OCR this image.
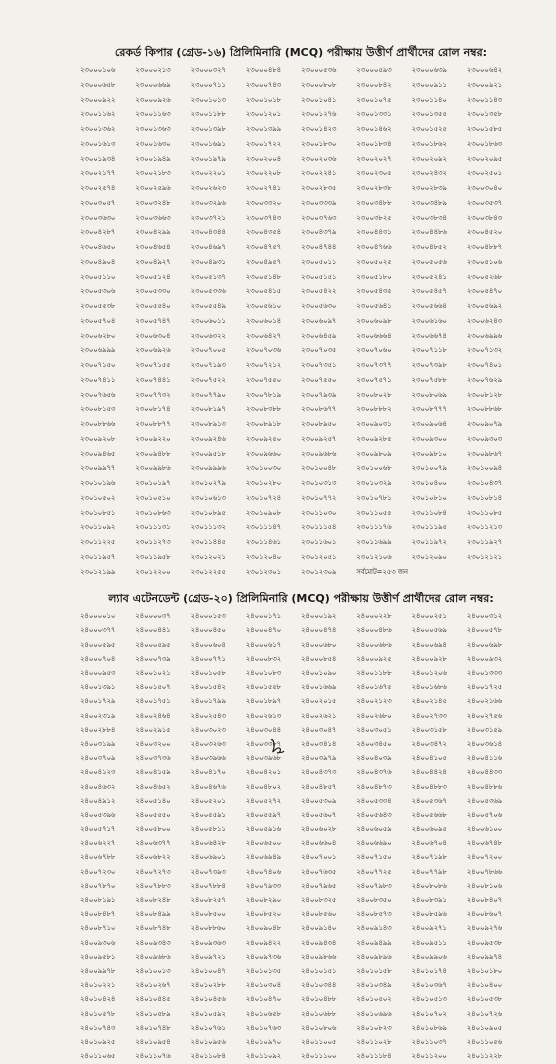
রেকর্ড কিপার (গ্রেড-১৬) প্রিলিমিনারি (MCQ) পরীক্ষায় উত্তীর্ণ প্রার্থীদের রোল নম্বর:
২৩০০০১০৬	২৩০০০২১৩	২৩০০০৩২৭	২৩০০০৪৮৪	২৩০০০৫৩৬	২৩০০০৫৯৩	২৩০০০৬৩৯	২৩০০০৬৪২
২৩০০০৬৫৮	২৩০০০৬৬৯	২৩০০০৭১১	২৩০০০৭৪৩	২৩০০০৮০৮	২৩০০০৮৪২	২৩০০০৯১১	২৩০০০৯২১
২৩০০০৯২২	২৩০০০৯২৬	২৩০০১০১৩	২৩০০১০১৮	২৩০০১০৪১	২৩০০১০৭৫	২৩০০১১৪০	২৩০০১১৪৩
২৩০০১১৬২	২৩০০১১৬৩	২৩০০১১৮৮	২৩০০১২০১	২৩০০১২৭৬	২৩০০১৩৩১	২৩০০১৩৫৫	২৩০০১৩৫৮
২৩০০১৩৬২	২৩০০১৩৬৩	২৩০০১৩৯৮	২৩০০১৩৯৯	২৩০০১৪২৩	২৩০০১৪৬২	২৩০০১৫২৫	২৩০০১৫৮৫
২৩০০১৬১৩	২৩০০১৬৩০	২৩০০১৬৯১	২৩০০১৭২২	২৩০০১৮৩০	২৩০০১৮৩৪	২৩০০১৮৬২	২৩০০১৮৬৩
২৩০০১৯৩৪	২৩০০১৯৪৯	২৩০০১৯৭৯	২৩০০২০০৪	২৩০০২০৩৬	২৩০০২০২৭	২৩০০২০৯২	২৩০০২০৯৫
২৩০০২১৭৭	২৩০০২১৮৩	২৩০০২২০১	২৩০০২২০৮	২৩০০২২৪১	২৩০০২৩০৫	২৩০০২৪৩২	২৩০০২৫০১
২৩০০২৫৭৪	২৩০০২৫৯৬	২৩০০২৬২৩	২৩০০২৭৪১	২৩০০২৮৩৫	২৩০০২৮৩৮	২৩০০২৮৩৯	২৩০০৩০৪০
২৩০০৩০৫৭	২৩০০৩২৪৮	২৩০০৩২৯৬	২৩০০৩৩২০	২৩০০৩৩৩৯	২৩০০৩৪৮৮	২৩০০৩৪৮৯	২৩০০৩৫৩৭
২৩০০৩৬৩০	২৩০০৩৬৬৩	২৩০০৩৭২১	২৩০০৩৭৪৩	২৩০০৩৭৬৩	২৩০০৩৮২৫	২৩০০৩৮৩৪	২৩০০৩৮৪৩
২৩০০৪২৮৭	২৩০০৪২৯৯	২৩০০৪৩৪৪	২৩০০৪৩৫৪	২৩০০৪৩৭৯	২৩০০৪৪৩১	২৩০০৪৪৮৬	২৩০০৪৫২০
২৩০০৪৬৫০	২৩০০৪৬৫৪	২৩০০৪৬৯৭	২৩০০৪৭৫৭	২৩০০৪৭৪৪	২৩০০৪৭৬৬	২৩০০৪৮৫২	২৩০০৪৮৮৭
২৩০০৪৯০৪	২৩০০৪৯২৭	২৩০০৪৯৩১	২৩০০৪৯৫৭	২৩০০৫০১১	২৩০০৫০২৫	২৩০০৫০৫৬	২৩০০৫১০৬
২৩০০৫১১০	২৩০০৫১২৪	২৩০০৫১৩৭	২৩০০৫১৪৮	২৩০০৫১৫১	২৩০০৫১৮০	২৩০০৫২৪১	২৩০০৫২৬৮
২৩০০৫৩০৬	২৩০০৫৩৩০	২৩০০৫৩৩৬	২৩০০৫৪১৫	২৩০০৫৪২২	২৩০০৫৪৩৫	২৩০০৫৪৫৭	২৩০০৫৪৭০
২৩০০৫৫৩৮	২৩০০৫৫৪০	২৩০০৫৫৪৯	২৩০০৫৬১০	২৩০০৫৬৩০	২৩০০৫৬৪১	২৩০০৫৬৬৪	২৩০০৫৬৯২
২৩০০৫৭০৪	২৩০০৫৭৪৭	২৩০০৬০১১	২৩০০৬০১৪	২৩০০৬০৯৭	২৩০০৬০৯৮	২৩০০৬১৬০	২৩০০৬২৪৩
২৩০০৬২৮০	২৩০০৬৩০৪	২৩০০৬৩২২	২৩০০৬৪২৭	২৩০০৬৪৫৯	২৩০০৬৬৬৪	২৩০০৬৬৭৪	২৩০০৬৯৯৬
২৩০০৬৯৯৯	২৩০০৬৯২৬	২৩০০৭০০৫	২৩০০৭০৩৬	২৩০০৭০৩৫	২৩০০৭০৬০	২৩০০৭১১৮	২৩০০৭১৩২
২৩০০৭১৫০	২৩০০৭১৫৫	২৩০০৭১৯৩	২৩০০৭২১২	২৩০০৭৩৫১	২৩০০৭৩৭৭	২৩০০৭৩৯৮	২৩০০৭৪০১
২৩০০৭৪১১	২৩০০৭৪৪১	২৩০০৭৫২২	২৩০০৭৫৫০	২৩০০৭৫৫০	২৩০০৭৫৭১	২৩০০৭৫৮৮	২৩০০৭৬২৯
২৩০০৭৬৫৬	২৩০০৭৭৩২	২৩০০৭৭৯০	২৩০০৭৮১৯	২৩০০৭৯৩৯	২৩০০৮০২৮	২৩০০৮০৬৯	২৩০০৮১২৮
২৩০০৮১৫৩	২৩০০৮১৭৪	২৩০০৮১৯৭	২৩০০৮৩৮৮	২৩০০৮৬৭৭	২৩০০৮৮৮২	২৩০০৮৭৭৭	২৩০০৮৮৬৮
২৩০০৮৮৬৬	২৩০০৮৮৭৭	২৩০০৮৯১৩	২৩০০৮৯১৮	২৩০০৮৯৫০	২৩০০৯০৩১	২৩০০৯০৬৪	২৩০০৯০৭৯
২৩০০৯২০৮	২৩০০৯২২০	২৩০০৯২৪৬	২৩০০৯২৫০	২৩০০৯২৫৭	২৩০০৯২৮৫	২৩০০৯৩০০	২৩০০৯৩০৩
২৩০০৯৪৬৫	২৩০০৯৪৮৮	২৩০০৯৫১৮	২৩০০৯৬৬০	২৩০০৯৬৮৬	২৩০০৯৮০৯	২৩০০৯৮১০	২৩০০৯৮৬৭
২৩০০৯৯৭৭	২৩০০৯৯৮৬	২৩০০৯৯৯৬	২৩০১০০৩০	২৩০১০০৪৮	২৩০১০০৬৮	২৩০১০০৭৯	২৩০১০০৯৪
২৩০১০১৯৬	২৩০১০১৯৭	২৩০১০২৭৯	২৩০১০২৮০	২৩০১০৩১৩	২৩০১০৩২৯	২৩০১০৪০০	২৩০১০৪৩৭
২৩০১০৫০২	২৩০১০৫১০	২৩০১০৬১৩	২৩০১০৭২৪	২৩০১০৭৭২	২৩০১০৭৮১	২৩০১০৮১০	২৩০১০৮১৪
২৩০১০৮৫১	২৩০১০৮৬৩	২৩০১০৮৯৫	২৩০১০৯০৮	২৩০১১০৩০	২৩০১১০৫৫	২৩০১১০৮৪	২৩০১১০৮৫
২৩০১১০৯২	২৩০১১১৩১	২৩০১১১৩২	২৩০১১১৪৭	২৩০১১১৫৪	২৩০১১১৭৬	২৩০১১১৯৫	২৩০১১২১৩
২৩০১১২২৫	২৩০১১২৭৩	২৩০১১৪৪৫	২৩০১১৪৬১	২৩০১১৬০১	২৩০১১৬৯৯	২৩০১১৯৭২	২৩০১১৯২৭
২৩০১১৯৫৭	২৩০১১৯৫৮	২৩০১২০২১	২৩০১২০৪০	২৩০১২০৫১	২৩০১২১০৬	২৩০১২০৯০	২৩০১২১২১
২৩০১২১৯৯	২৩০১২২০০	২৩০১২২৫৫	২৩০১২৩০১	২৩০১২৩০৯	সর্বমোট=২৫৩ জন
ল্যাব এটেনডেন্ট (গ্রেড-২০) প্রিলিমিনারি (MCQ) পরীক্ষায় উত্তীর্ণ প্রার্থীদের রোল নম্বর:
২৪০০০০১০	২৪০০০০৩৭	২৪০০০১৫৩	২৪০০০১৭১	২৪০০০১৯২	২৪০০০২২৮	২৪০০০২৫১	২৪০০০৩১২
২৪০০০৩৭৭	২৪০০০৪৪১	২৪০০০৪৫০	২৪০০০৪৭০	২৪০০০৪৭৪	২৪০০০৪৮৬	২৪০০০৫৬৯	২৪০০০৫৭৮
২৪০০০৫৯৫	২৪০০০৫৯৫	২৪০০০৬০৪	২৪০০০৬১৭	২৪০০০৬৮০	২৪০০০৬৮৬	২৪০০০৬৯৪	২৪০০০৬৯৮
২৪০০০৭০৪	২৪০০০৭৩৯	২৪০০০৭৭১	২৪০০০৮৩২	২৪০০০৮৫৪	২৪০০০৯২৫	২৪০০০৯২৮	২৪০০০৯৩২
২৪০০০৯৫৩	২৪০০১০২১	২৪০০১০৫৮	২৪০০১০৮৩	২৪০০১০৯০	২৪০০১১৮৮	২৪০০১২০৬	২৪০০১৩৩৩
২৪০০১৩৯১	২৪০০১৫০৭	২৪০০১৫৪২	২৪০০১৫৫৮	২৪০০১৬৬৯	২৪০০১৬৭৫	২৪০০১৬৮৬	২৪০০১৭২৫
২৪০০১৭২৯	২৪০০১৭৫১	২৪০০১৭৯৯	২৪০০১৮৯৭	২৪০০২০১৫	২৪০০২১২৩	২৪০০২১৪৫	২৪০০২১৬৬
২৪০০২৩১৯	২৪০০২৪৬৪	২৪০০২৫৪৩	২৪০০২৬১৩	২৪০০২৬২১	২৪০০২৬৮০	২৪০০২৭৩৩	২৪০০২৭৫৬
২৪০০২৮৮৪	২৪০০২৯১৫	২৪০০৩০২৩	২৪০০৩০৪৪	২৪০০৩০৪৭	২৪০০৩০৫১	২৪০০৩১৫৮	২৪০০৩১৫৯
২৪০০৩১৯৯	২৪০০৩২০০	২৪০০৩২৬৩	২৪০০৩৩৮৭	২৪০০৩৪১৪	২৪০০৩৪৫০	২৪০০৩৪৭২	২৪০০৩৬১৪
২৪০০৩৭০৯	২৪০০৩৭৩৬	২৪০০৩৯৬৬	২৪০০৩৯৬৮	২৪০০৩৯৭৯	২৪০০৪০৩৯	২৪০০৪১০৫	২৪০০৪১১৬
২৪০০৪১২৩	২৪০০৪১৫৯	২৪০০৪১৭০	২৪০০৪২০১	২৪০০৪৩৭৩	২৪০০৪৩৭৬	২৪০০৪৪২৪	২৪০০৪৪৩৩
২৪০০৪৬৩২	২৪০০৪৬৫২	২৪০০৪৬৭৬	২৪০০৪৮০২	২৪০০৪৮৫৭	২৪০০৪৮৭৩	২৪০০৪৮৮৩	২৪০০৪৮৮৬
২৪০০৪৯১২	২৪০০৫১৪০	২৪০০৫২০১	২৪০০৫২৭২	২৪০০৫৩০৯	২৪০০৫৩৩৪	২৪০০৫৩৬৭	২৪০০৫৩৬৯
২৪০০৫৩৯৬	২৪০০৫৫৫০	২৪০০৫৫৯১	২৪০০৫৫৯৭	২৪০০৫৬০৭	২৪০০৫৬৪৩	২৪০০৫৬৬৮	২৪০০৫৭০৬
২৪০০৫৭১৭	২৪০০৫৮০০	২৪০০৫৮১১	২৪০০৫৯১৬	২৪০০৬০২৮	২৪০০৬০৫৯	২৪০০৬০৯৫	২৪০০৬১০০
২৪০০৬২২৭	২৪০০৬৩৭৭	২৪০০৬৪২৮	২৪০০৬৫০০	২৪০০৬৬০৪	২৪০০৬৬৯০	২৪০০৬৭০৪	২৪০০৬৭৪৮
২৪০০৬৭৮৮	২৪০০৬৮২২	২৪০০৬৯০১	২৪০০৬৯৪৯	২৪০০৭০০১	২৪০০৭১৫০	২৪০০৭১৯৮	২৪০০৭২০০
২৪০০৭২৩০	২৪০০৭২৭৩	২৪০০৭৩৯৩	২৪০০৭৪০৬	২৪০০৭৬৩৫	২৪০০৭৭২৫	২৪০০৭৭৯৮	২৪০০৭৮৬৬
২৪০০৭৮৭০	২৪০০৭৮৮৩	২৪০০৭৮৮৪	২৪০০৭৯৩৩	২৪০০৭৯৬৫	২৪০০৭৯৮৩	২৪০০৮০৮৬	২৪০০৮১০৬
২৪০০৮১৯১	২৪০০৮২৪৮	২৪০০৮২৫৭	২৪০০৮২৯০	২৪০০৮৩২৫	২৪০০৮৩৫০	২৪০০৮৩৯১	২৪০০৮৪০৭
২৪০০৮৪৮৭	২৪০০৮৪৯৯	২৪০০৮৫০০	২৪০০৮৫২০	২৪০০৮৫৬০	২৪০০৮৫৭৩	২৪০০৮৫৯৬	২৪০০৮৬০৭
২৪০০৮৭১০	২৪০০৮৭৪৮	২৪০০৮৮৬০	২৪০০৯০৪৮	২৪০০৯১৪০	২৪০০৯১৪৩	২৪০০৯২৭১	২৪০০৯২৭৬
২৪০০৯৩০৬	২৪০০৯৩৪৩	২৪০০৯৩৬৩	২৪০০৯৪২২	২৪০০৯৪৩৪	২৪০০৯৪৯৯	২৪০০৯৫১১	২৪০০৯৫৩৮
২৪০০৯৫৮১	২৪০০৯৬৮৬	২৪০০৯৭২১	২৪০০৯৭৩৬	২৪০০৯৮৬৬	২৪০০৯৮৯৬	২৪০০৯৯০৬	২৪০০৯৯৭৪
২৪০০৯৯৭৮	২৪০১০০১৩	২৪০১০০৪৭	২৪০১০১৩৫	২৪০১০১৫১	২৪০১০১৫৮	২৪০১০১৭৪	২৪০১০১৮০
২৪০১০২২১	২৪০১০২৬৭	২৪০১০২৮৮	২৪০১০৩০৪	২৪০১০৩৪৪	২৪০১০৩৪৯	২৪০১০৩৬৭	২৪০১০৪০০
২৪০১০৪২৪	২৪০১০৪৪৫	২৪০১০৪৫৬	২৪০১০৪৭০	২৪০১০৪৮৮	২৪০১০৫০২	২৪০১০৫১৩	২৪০১০৫৩৮
২৪০১০৫৭৮	২৪০১০৫৮৯	২৪০১০৫৯২	২৪০১০৬৫৮	২৪০১০৬৮৮	২৪০১০৬৯৬	২৪০১০৭০২	২৪০১০৭২৬
২৪০১০৭৪৩	২৪০১০৭৪৮	২৪০১০৭৬১	২৪০১০৭৬৩	২৪০১০৮০৬	২৪০১০৮২৩	২৪০১০৮৬৯	২৪০১০৯০৫
২৪০১০৯২৫	২৪০১০৯৫৪	২৪০১০৯৫৬	২৪০১০৯৭০	২৪০১১০০৫	২৪০১১০২৮	২৪০১১০৩৭	২৪০১১০৫৬
২৪০১১০৬৫	২৪০১১০৭৬	২৪০১১০৮৪	২৪০১১০৯২	২৪০১১১০০	২৪০১১১৮৪	২৪০১১২০০	২৪০১১২২৮
